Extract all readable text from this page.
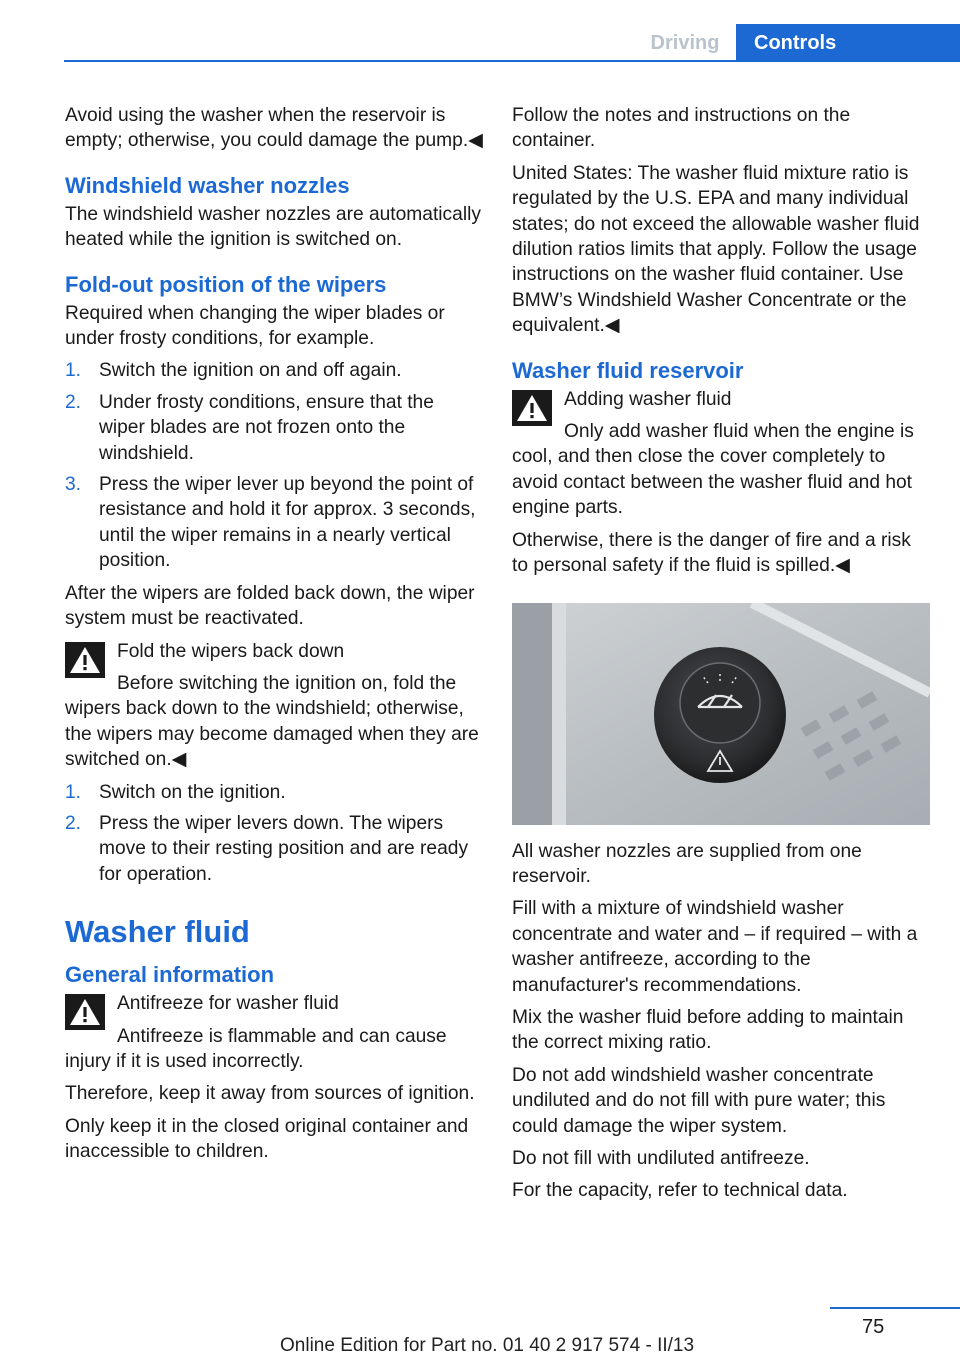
Driving	Controls

Avoid using the washer when the reservoir is empty; otherwise, you could damage the pump.◀

Windshield washer nozzles

The windshield washer nozzles are automatically heated while the ignition is switched on.

Fold-out position of the wipers

Required when changing the wiper blades or under frosty conditions, for example.

1. Switch the ignition on and off again.
2. Under frosty conditions, ensure that the wiper blades are not frozen onto the windshield.
3. Press the wiper lever up beyond the point of resistance and hold it for approx. 3 seconds, until the wiper remains in a nearly vertical position.

After the wipers are folded back down, the wiper system must be reactivated.

Fold the wipers back down
Before switching the ignition on, fold the wipers back down to the windshield; otherwise, the wipers may become damaged when they are switched on.◀
1. Switch on the ignition.
2. Press the wiper levers down. The wipers move to their resting position and are ready for operation.
Washer fluid
General information
Antifreeze for washer fluid
Antifreeze is flammable and can cause injury if it is used incorrectly.

Therefore, keep it away from sources of ignition.

Only keep it in the closed original container and inaccessible to children.

Follow the notes and instructions on the container.

United States: The washer fluid mixture ratio is regulated by the U.S. EPA and many individual states; do not exceed the allowable washer fluid dilution ratios limits that apply. Follow the usage instructions on the washer fluid container. Use BMW’s Windshield Washer Concentrate or the equivalent.◀

Washer fluid reservoir
Adding washer fluid
Only add washer fluid when the engine is cool, and then close the cover completely to avoid contact between the washer fluid and hot engine parts.

Otherwise, there is the danger of fire and a risk to personal safety if the fluid is spilled.◀

All washer nozzles are supplied from one reservoir.

Fill with a mixture of windshield washer concentrate and water and – if required – with a washer antifreeze, according to the manufacturer's recommendations.

Mix the washer fluid before adding to maintain the correct mixing ratio.

Do not add windshield washer concentrate undiluted and do not fill with pure water; this could damage the wiper system.

Do not fill with undiluted antifreeze.

For the capacity, refer to technical data.

75
Online Edition for Part no. 01 40 2 917 574 - II/13
